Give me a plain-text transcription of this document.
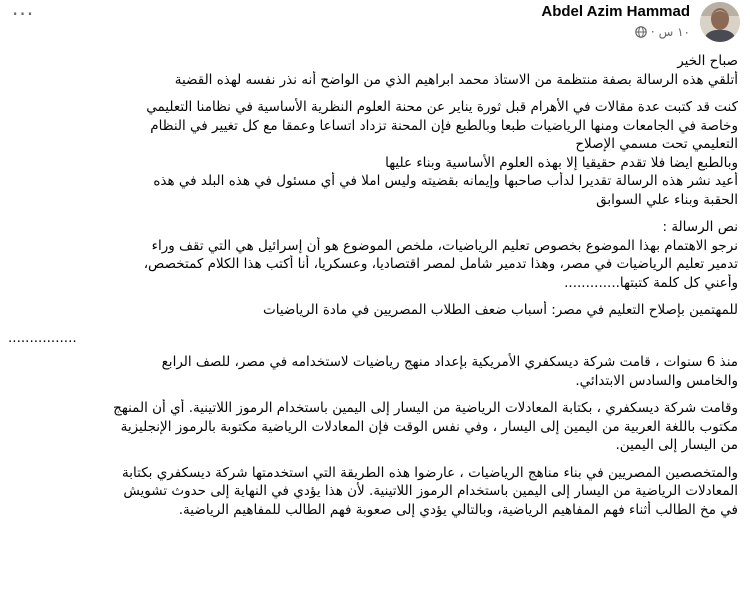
···	Abdel Azim Hammad
١٠ س
·
صباح الخير
أتلقي هذه الرسالة بصفة منتظمة من الاستاذ محمد ابراهيم الذي من الواضح أنه نذر نفسه لهذه القضية
كنت قد كتبت عدة مقالات في الأهرام قبل ثورة يناير عن محنة العلوم النظرية الأساسية في نظامنا التعليمي
وخاصة في الجامعات ومنها الرياضيات طبعا وبالطبع فإن المحنة تزداد اتساعا وعمقا مع كل تغيير في النظام
التعليمي تحت مسمي الإصلاح
وبالطبع ايضا فلا تقدم حقيقيا إلا بهذه العلوم الأساسية وبناء عليها
أعيد نشر هذه الرسالة تقديرا لدأب صاحبها وإيمانه بقضيته وليس املا في أي مسئول في هذه البلد في هذه
الحقبة وبناء علي السوابق
نص الرسالة :
نرجو الاهتمام بهذا الموضوع بخصوص تعليم الرياضيات، ملخص الموضوع هو أن إسرائيل هي التي تقف وراء
تدمير تعليم الرياضيات في مصر، وهذا تدمير شامل لمصر اقتصاديا، وعسكريا، أنا أكتب هذا الكلام كمتخصص،
وأعني كل كلمة كتبتها.............
للمهتمين بإصلاح التعليم في مصر: أسباب ضعف الطلاب المصريين في مادة الرياضيات
................
منذ 6 سنوات ، قامت شركة ديسكفري الأمريكية بإعداد منهج رياضيات لاستخدامه في مصر، للصف الرابع
والخامس والسادس الابتدائي.
وقامت شركة ديسكفري ، بكتابة المعادلات الرياضية من اليسار إلى اليمين باستخدام الرموز اللاتينية. أي أن المنهج
مكتوب باللغة العربية من اليمين إلى اليسار ، وفي نفس الوقت فإن المعادلات الرياضية مكتوبة بالرموز الإنجليزية
من اليسار إلى اليمين.
والمتخصصين المصريين في بناء مناهج الرياضيات ، عارضوا هذه الطريقة التي استخدمتها شركة ديسكفري بكتابة
المعادلات الرياضية من اليسار إلى اليمين باستخدام الرموز اللاتينية. لأن هذا يؤدي في النهاية إلى حدوث تشويش
في مخ الطالب أثناء فهم المفاهيم الرياضية، وبالتالي يؤدي إلى صعوبة فهم الطالب للمفاهيم الرياضية.
